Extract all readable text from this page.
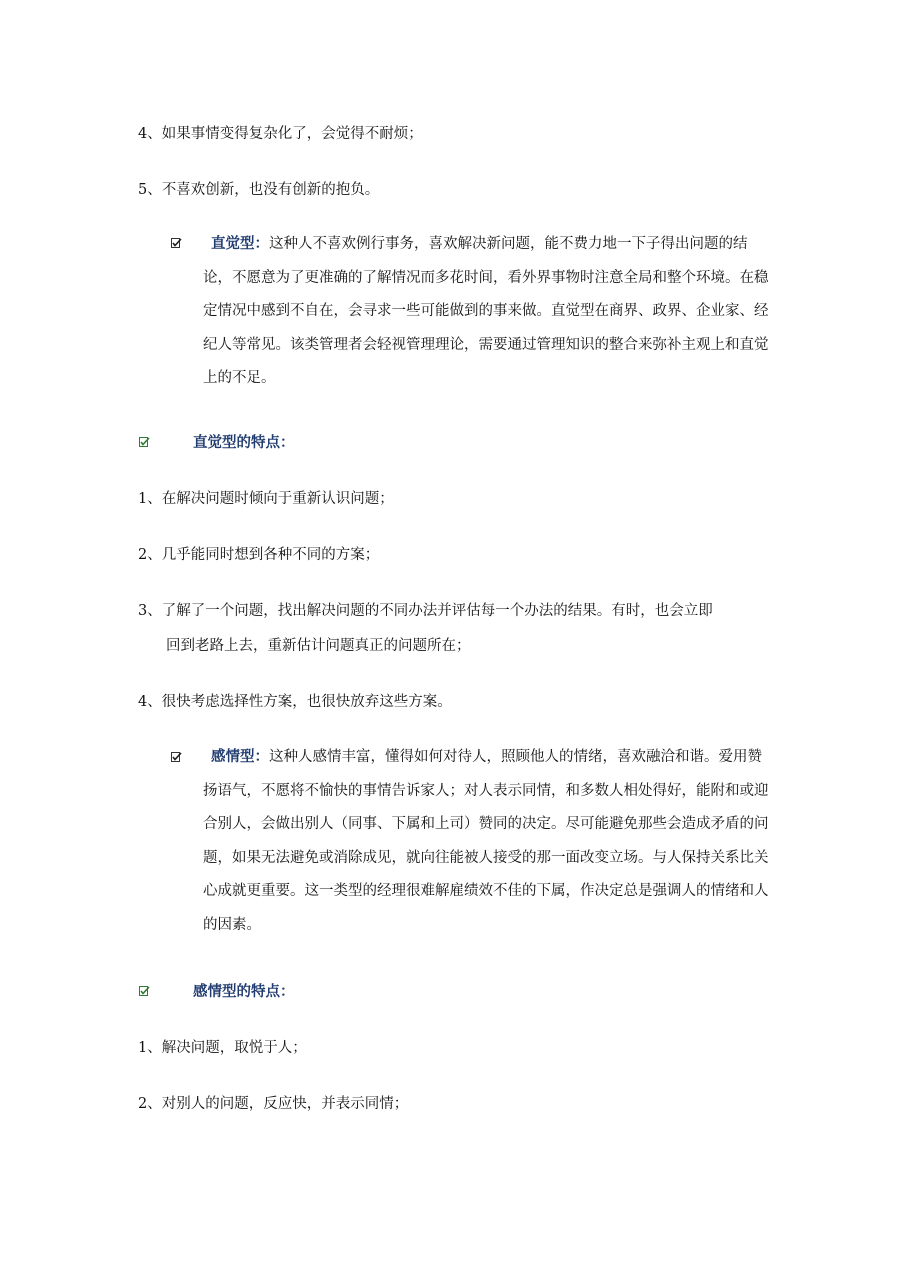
4、如果事情变得复杂化了，会觉得不耐烦；
5、不喜欢创新，也没有创新的抱负。
直觉型：这种人不喜欢例行事务，喜欢解决新问题，能不费力地一下子得出问题的结论，不愿意为了更准确的了解情况而多花时间，看外界事物时注意全局和整个环境。在稳定情况中感到不自在，会寻求一些可能做到的事来做。直觉型在商界、政界、企业家、经纪人等常见。该类管理者会轻视管理理论，需要通过管理知识的整合来弥补主观上和直觉上的不足。
直觉型的特点：
1、在解决问题时倾向于重新认识问题；
2、几乎能同时想到各种不同的方案；
3、了解了一个问题，找出解决问题的不同办法并评估每一个办法的结果。有时，也会立即
回到老路上去，重新估计问题真正的问题所在；
4、很快考虑选择性方案，也很快放弃这些方案。
感情型：这种人感情丰富，懂得如何对待人，照顾他人的情绪，喜欢融洽和谐。爱用赞扬语气，不愿将不愉快的事情告诉家人；对人表示同情，和多数人相处得好，能附和或迎合别人，会做出别人（同事、下属和上司）赞同的决定。尽可能避免那些会造成矛盾的问题，如果无法避免或消除成见，就向往能被人接受的那一面改变立场。与人保持关系比关心成就更重要。这一类型的经理很难解雇绩效不佳的下属，作决定总是强调人的情绪和人的因素。
感情型的特点：
1、解决问题，取悦于人；
2、对别人的问题，反应快，并表示同情；
